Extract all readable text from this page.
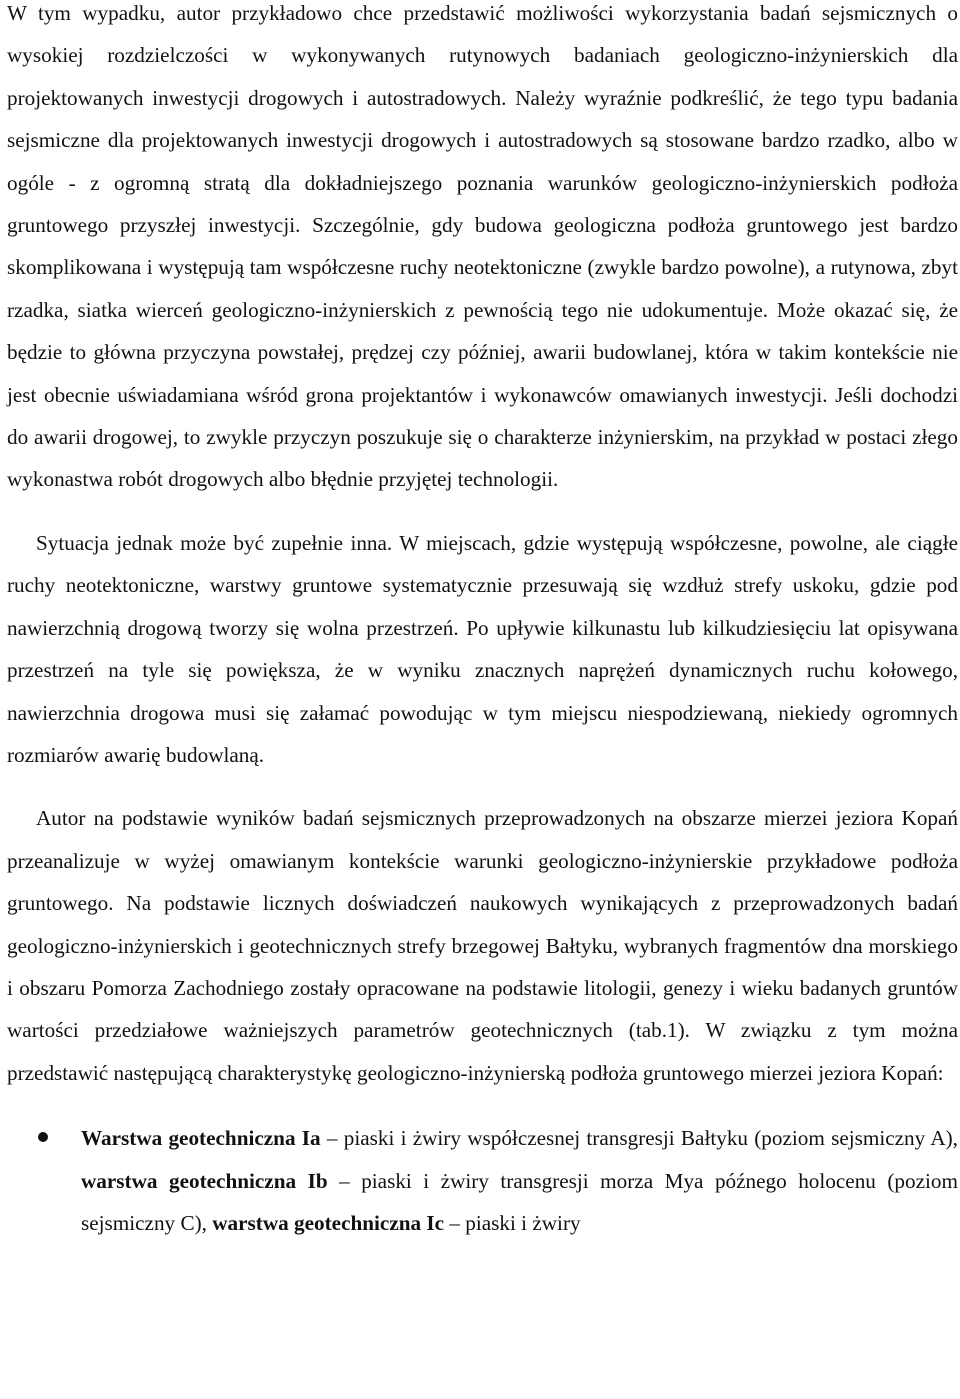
W tym wypadku, autor przykładowo chce przedstawić możliwości wykorzystania badań sejsmicznych o wysokiej rozdzielczości w wykonywanych rutynowych badaniach geologiczno-inżynierskich dla projektowanych inwestycji drogowych i autostradowych. Należy wyraźnie podkreślić, że tego typu badania sejsmiczne dla projektowanych inwestycji drogowych i autostradowych są stosowane bardzo rzadko, albo w ogóle - z ogromną stratą dla dokładniejszego poznania warunków geologiczno-inżynierskich podłoża gruntowego przyszłej inwestycji. Szczególnie, gdy budowa geologiczna podłoża gruntowego jest bardzo skomplikowana i występują tam współczesne ruchy neotektoniczne (zwykle bardzo powolne), a rutynowa, zbyt rzadka, siatka wierceń geologiczno-inżynierskich z pewnością tego nie udokumentuje. Może okazać się, że będzie to główna przyczyna powstałej, prędzej czy później, awarii budowlanej, która w takim kontekście nie jest obecnie uświadamiana wśród grona projektantów i wykonawców omawianych inwestycji. Jeśli dochodzi do awarii drogowej, to zwykle przyczyn poszukuje się o charakterze inżynierskim, na przykład w postaci złego wykonastwa robót drogowych albo błędnie przyjętej technologii.

Sytuacja jednak może być zupełnie inna. W miejscach, gdzie występują współczesne, powolne, ale ciągłe ruchy neotektoniczne, warstwy gruntowe systematycznie przesuwają się wzdłuż strefy uskoku, gdzie pod nawierzchnią drogową tworzy się wolna przestrzeń. Po upływie kilkunastu lub kilkudziesięciu lat opisywana przestrzeń na tyle się powiększa, że w wyniku znacznych naprężeń dynamicznych ruchu kołowego, nawierzchnia drogowa musi się załamać powodując w tym miejscu niespodziewaną, niekiedy ogromnych rozmiarów awarię budowlaną.

Autor na podstawie wyników badań sejsmicznych przeprowadzonych na obszarze mierzei jeziora Kopań przeanalizuje w wyżej omawianym kontekście warunki geologiczno-inżynierskie przykładowe podłoża gruntowego. Na podstawie licznych doświadczeń naukowych wynikających z przeprowadzonych badań geologiczno-inżynierskich i geotechnicznych strefy brzegowej Bałtyku, wybranych fragmentów dna morskiego i obszaru Pomorza Zachodniego zostały opracowane na podstawie litologii, genezy i wieku badanych gruntów wartości przedziałowe ważniejszych parametrów geotechnicznych (tab.1). W związku z tym można przedstawić następującą charakterystykę geologiczno-inżynierską podłoża gruntowego mierzei jeziora Kopań:

Warstwa geotechniczna Ia – piaski i żwiry współczesnej transgresji Bałtyku (poziom sejsmiczny A), warstwa geotechniczna Ib – piaski i żwiry transgresji morza Mya późnego holocenu (poziom sejsmiczny C), warstwa geotechniczna Ic – piaski i żwiry
